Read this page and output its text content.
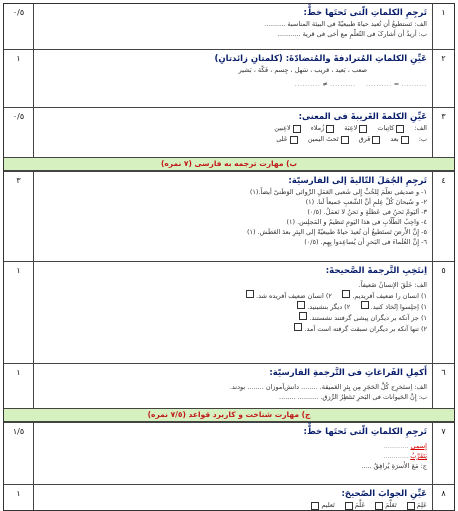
١
تَرجِمِ الکلماتِ الّتی تَحتَها خطٌّ:
الف: تَستطیعُ أَن تُعید حیاةَ طبیعیّةً فی البیئة المناسبة ..........
ب: أَریدُ أَن أُشارکَ فی التّعلُّمِ مع أَخی فی قریة ...........
٠/٥
٢
عَیِّنِ الکلماتِ المُترادفةَ والمُتضادّةَ: (کلمتانِ زائدتانِ)
صعب ، بَعید ، قریب ، سَهل ، جِسم ، فَکّة ، بَشیر
.......... = ..........     .......... ≠ ..........
١
٣
عَیِّنِ الکلمةَ الغَریبةَ فی المعنی:
الف:
کاتِبات
لاعِبَة
زُملاء
لاعِبین
ب:
بعد
فَرق
تَحتَ الیمین
عَلی
٠/٥
ب) مهارت ترجمه به فارسی (٧ نمره)
٤
تَرجِمِ الجُمَلَ التّالیةَ إلی الفارسیّة:
١- و صدیقی تعلَّمَ لِلحُبِّ إِلی شَعبی العَمَلِ الرَّوائی الوَطَنیّ أیضاً.(١)
٢- و سُبحانَ کُلُّ عِلمٍ أَنَّ الشّعبِ جَمیعاً لَنا. (١)
٣- اَلیَومُ نَحنُ فی عَطلَةٍ و نَحنُ لا نَعمَلُ. (٠/٥)
٤- وَاحِبُ الطُّلّابِ فی هذا الیَومِ تَنظیمُ و المَجلِس. (١)
٥- إِنَّ الأَرضَ تَستَطیعُ أَن تُعیدَ حیاةً طبیعیّةً إلی البِئرِ بعدَ العَطَش. (١)
٦- إِنَّ العُلَماءَ فی البَحرِ أَن یُساعِدوا بِهِم. (٠/٥)
٣
٥
اِنتَخِبِ التَّرجمةَ الصَّحیحةَ:
الف: خَلَقَ الإنسانُ ضَعیفاً.
١) انسان را ضعیف آفریدیم.      ٢) انسان ضعیف آفریده شد.
١) اِجلِسوا اِتّخاذ کنید.      ٢) دیگر بنشینید.
١) جز آنکه بر دیگران پیشی گرفتند نشستند.
٢) تنها آنکه بر دیگران سبقت گرفته است آمد.
١
٦
أَکمِلِ الفَراغاتِ فی التَّرجمةِ الفارسیّة:
الف: اِستَخرِج کُلَّ الحَجَرِ مِن بِئرِ العَمیقة. ........ دانش‌آموزان ........ بودند.
ب: إِنَّ الحَیوانات فی البَحرِ تَنتَظِرُ الرِّزق. .......... ........
١
ج) مهارت شناخت و کاربرد قواعد (٧/٥ نمره)
٧
تَرجِمِ الکلماتِ الّتی تَحتَها خطٌّ:
إِسمِی ............
یَتَقَرَّبُ ............
ج: مَعَ الأُسرَةِ یُرافِقُ .....
١/٥
٨
عَیِّنِ الجوابَ الصّحیحَ:
عَلِمَ
تَعَلَّمَ
عَلَّمَ
تَعلیم
١
